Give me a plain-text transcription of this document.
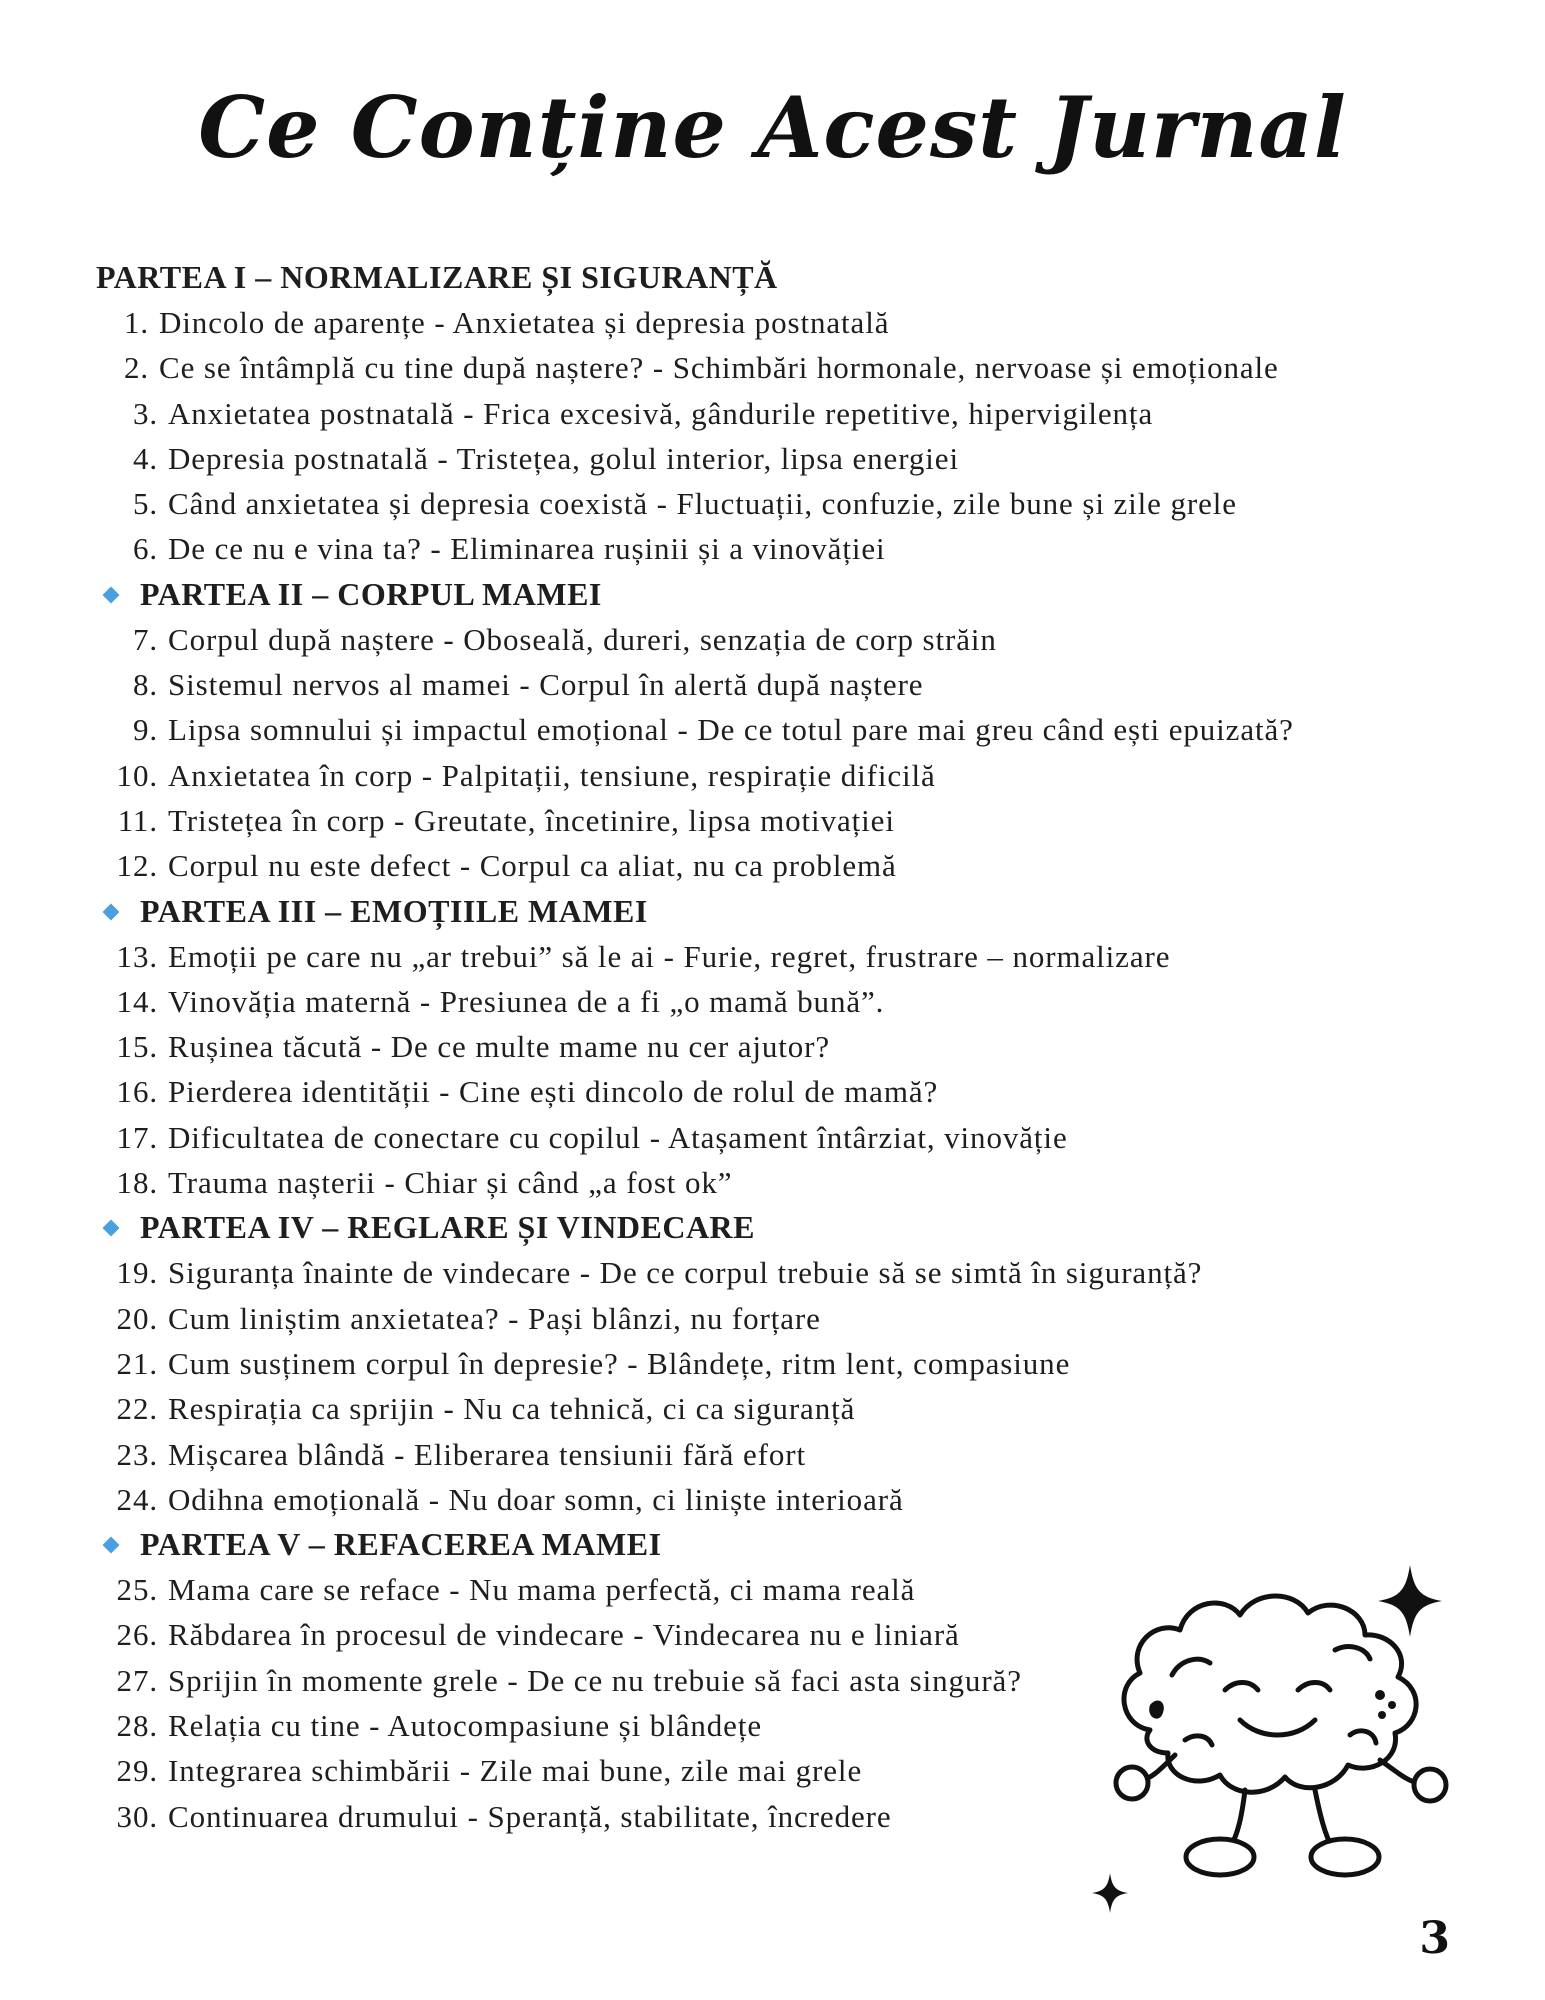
Ce Conține Acest Jurnal
PARTEA I – NORMALIZARE ȘI SIGURANȚĂ
1. Dincolo de aparențe - Anxietatea și depresia postnatală
2. Ce se întâmplă cu tine după naștere? - Schimbări hormonale, nervoase și emoționale
3. Anxietatea postnatală - Frica excesivă, gândurile repetitive, hipervigilența
4. Depresia postnatală - Tristețea, golul interior, lipsa energiei
5. Când anxietatea și depresia coexistă - Fluctuații, confuzie, zile bune și zile grele
6. De ce nu e vina ta? - Eliminarea rușinii și a vinovăției
PARTEA II – CORPUL MAMEI
7. Corpul după naștere - Oboseală, dureri, senzația de corp străin
8. Sistemul nervos al mamei - Corpul în alertă după naștere
9. Lipsa somnului și impactul emoțional - De ce totul pare mai greu când ești epuizată?
10. Anxietatea în corp - Palpitații, tensiune, respirație dificilă
11. Tristețea în corp - Greutate, încetinire, lipsa motivației
12. Corpul nu este defect - Corpul ca aliat, nu ca problemă
PARTEA III – EMOȚIILE MAMEI
13. Emoții pe care nu „ar trebui” să le ai - Furie, regret, frustrare – normalizare
14. Vinovăția maternă - Presiunea de a fi „o mamă bună”.
15. Rușinea tăcută - De ce multe mame nu cer ajutor?
16. Pierderea identității - Cine ești dincolo de rolul de mamă?
17. Dificultatea de conectare cu copilul - Atașament întârziat, vinovăție
18. Trauma nașterii - Chiar și când „a fost ok”
PARTEA IV – REGLARE ȘI VINDECARE
19. Siguranța înainte de vindecare - De ce corpul trebuie să se simtă în siguranță?
20. Cum liniștim anxietatea? - Pași blânzi, nu forțare
21. Cum susținem corpul în depresie? - Blândețe, ritm lent, compasiune
22. Respirația ca sprijin - Nu ca tehnică, ci ca siguranță
23. Mișcarea blândă - Eliberarea tensiunii fără efort
24. Odihna emoțională - Nu doar somn, ci liniște interioară
PARTEA V – REFACEREA MAMEI
25. Mama care se reface - Nu mama perfectă, ci mama reală
26. Răbdarea în procesul de vindecare - Vindecarea nu e liniară
27. Sprijin în momente grele - De ce nu trebuie să faci asta singură?
28. Relația cu tine - Autocompasiune și blândețe
29. Integrarea schimbării - Zile mai bune, zile mai grele
30. Continuarea drumului - Speranță, stabilitate, încredere
3
